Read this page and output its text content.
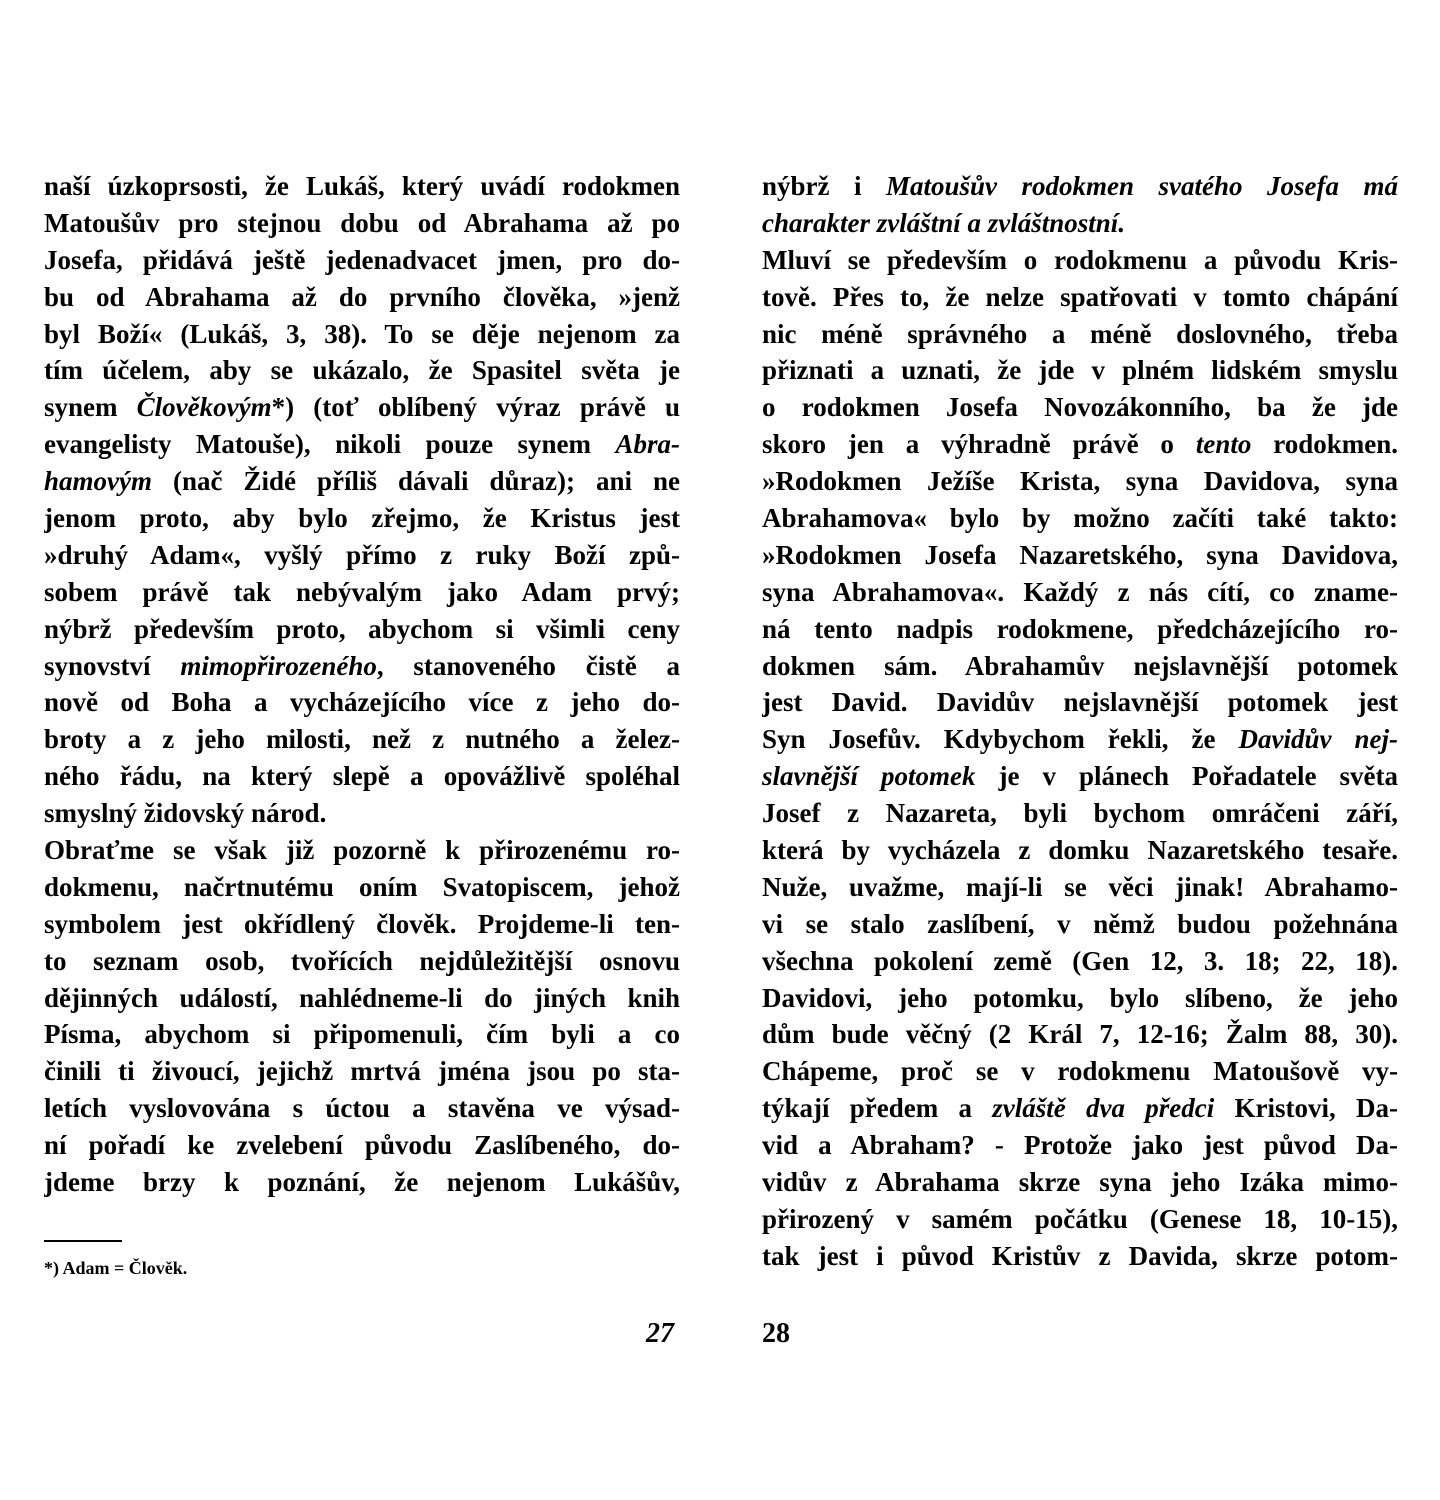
naší úzkoprsosti, že Lukáš, který uvádí rodokmen
Matoušův pro stejnou dobu od Abrahama až po
Josefa, přidává ještě jedenadvacet jmen, pro do-
bu od Abrahama až do prvního člověka, »jenž
byl Boží« (Lukáš, 3, 38). To se děje nejenom za
tím účelem, aby se ukázalo, že Spasitel světa je
synem Člověkovým*) (toť oblíbený výraz právě u
evangelisty Matouše), nikoli pouze synem Abra-
hamovým (nač Židé příliš dávali důraz); ani ne
jenom proto, aby bylo zřejmo, že Kristus jest
»druhý Adam«, vyšlý přímo z ruky Boží způ-
sobem právě tak nebývalým jako Adam prvý;
nýbrž především proto, abychom si všimli ceny
synovství mimopřirozeného, stanoveného čistě a
nově od Boha a vycházejícího více z jeho do-
broty a z jeho milosti, než z nutného a želez-
ného řádu, na který slepě a opovážlivě spoléhal
smyslný židovský národ.
Obraťme se však již pozorně k přirozenému ro-
dokmenu, načrtnutému oním Svatopiscem, jehož
symbolem jest okřídlený člověk. Projdeme-li ten-
to seznam osob, tvořících nejdůležitější osnovu
dějinných událostí, nahlédneme-li do jiných knih
Písma, abychom si připomenuli, čím byli a co
činili ti živoucí, jejichž mrtvá jména jsou po sta-
letích vyslovována s úctou a stavěna ve výsad-
ní pořadí ke zvelebení původu Zaslíbeného, do-
jdeme brzy k poznání, že nejenom Lukášův,
*) Adam = Člověk.
27
nýbrž i Matoušův rodokmen svatého Josefa má
charakter zvláštní a zvláštnostní.
Mluví se především o rodokmenu a původu Kris-
tově. Přes to, že nelze spatřovati v tomto chápání
nic méně správného a méně doslovného, třeba
přiznati a uznati, že jde v plném lidském smyslu
o rodokmen Josefa Novozákonního, ba že jde
skoro jen a výhradně právě o tento rodokmen.
»Rodokmen Ježíše Krista, syna Davidova, syna
Abrahamova« bylo by možno začíti také takto:
»Rodokmen Josefa Nazaretského, syna Davidova,
syna Abrahamova«. Každý z nás cítí, co zname-
ná tento nadpis rodokmene, předcházejícího ro-
dokmen sám. Abrahamův nejslavnější potomek
jest David. Davidův nejslavnější potomek jest
Syn Josefův. Kdybychom řekli, že Davidův nej-
slavnější potomek je v plánech Pořadatele světa
Josef z Nazareta, byli bychom omráčeni září,
která by vycházela z domku Nazaretského tesaře.
Nuže, uvažme, mají-li se věci jinak! Abrahamo-
vi se stalo zaslíbení, v němž budou požehnána
všechna pokolení země (Gen 12, 3. 18; 22, 18).
Davidovi, jeho potomku, bylo slíbeno, že jeho
dům bude věčný (2 Král 7, 12-16; Žalm 88, 30).
Chápeme, proč se v rodokmenu Matoušově vy-
týkají předem a zvláště dva předci Kristovi, Da-
vid a Abraham? - Protože jako jest původ Da-
vidův z Abrahama skrze syna jeho Izáka mimo-
přirozený v samém počátku (Genese 18, 10-15),
tak jest i původ Kristův z Davida, skrze potom-
28
